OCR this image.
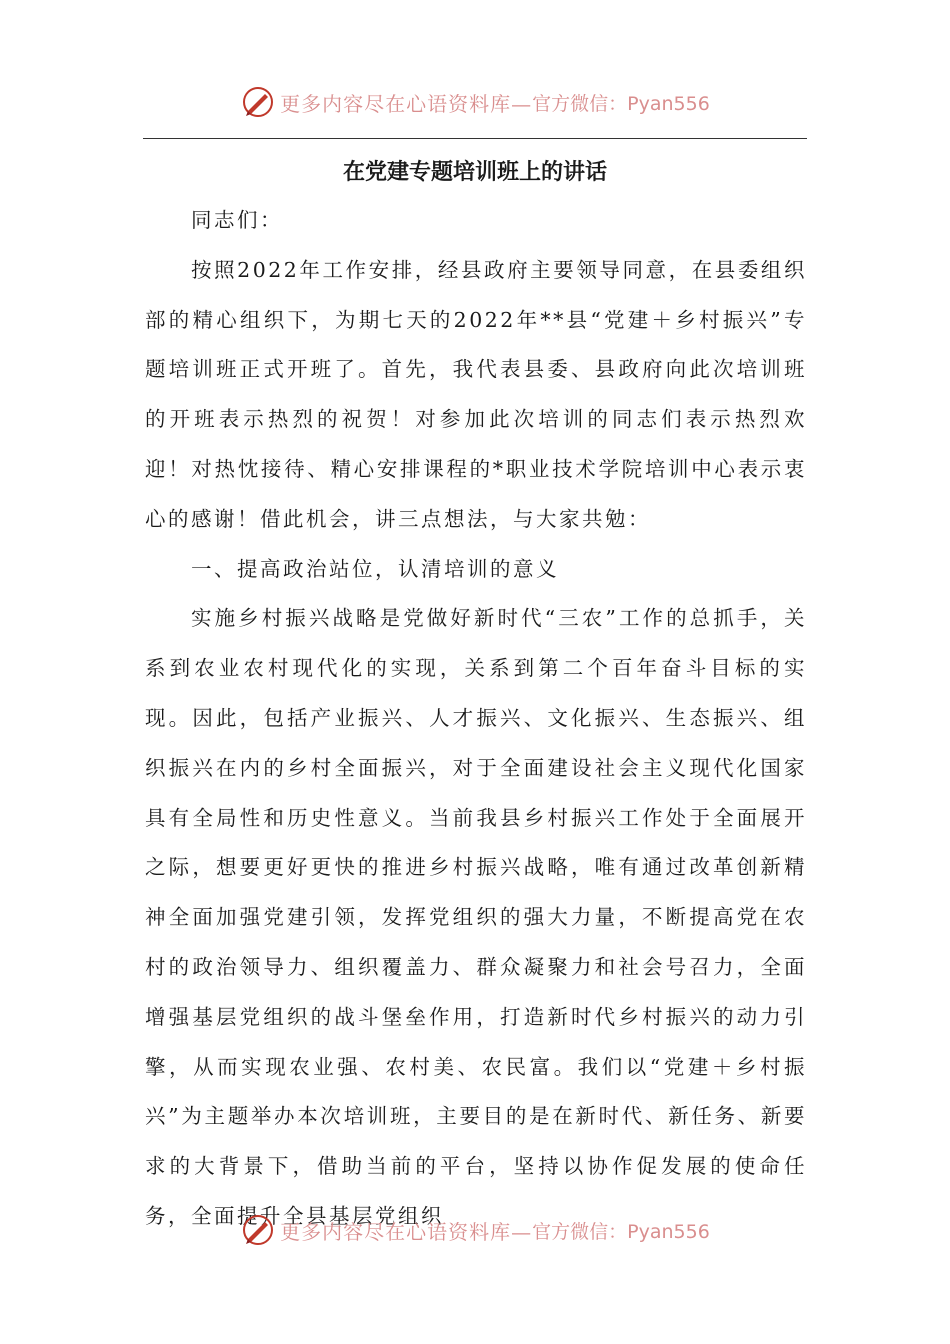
更多内容尽在心语资料库— 官方微信：Pyan556
在党建专题培训班上的讲话

同志们：

按照2022年工作安排，经县政府主要领导同意，在县委组织部的精心组织下，为期七天的2022年**县“党建＋乡村振兴”专题培训班正式开班了。首先，我代表县委、县政府向此次培训班的开班表示热烈的祝贺！对参加此次培训的同志们表示热烈欢迎！对热忱接待、精心安排课程的*职业技术学院培训中心表示衷心的感谢！借此机会，讲三点想法，与大家共勉：

一、提高政治站位，认清培训的意义

实施乡村振兴战略是党做好新时代“三农”工作的总抓手，关系到农业农村现代化的实现，关系到第二个百年奋斗目标的实现。因此，包括产业振兴、人才振兴、文化振兴、生态振兴、组织振兴在内的乡村全面振兴，对于全面建设社会主义现代化国家具有全局性和历史性意义。当前我县乡村振兴工作处于全面展开之际，想要更好更快的推进乡村振兴战略，唯有通过改革创新精神全面加强党建引领，发挥党组织的强大力量，不断提高党在农村的政治领导力、组织覆盖力、群众凝聚力和社会号召力，全面增强基层党组织的战斗堡垒作用，打造新时代乡村振兴的动力引擎，从而实现农业强、农村美、农民富。我们以“党建＋乡村振兴”为主题举办本次培训班，主要目的是在新时代、新任务、新要求的大背景下，借助当前的平台，坚持以协作促发展的使命任务，全面提升全县基层党组织

更多内容尽在心语资料库— 官方微信：Pyan556
